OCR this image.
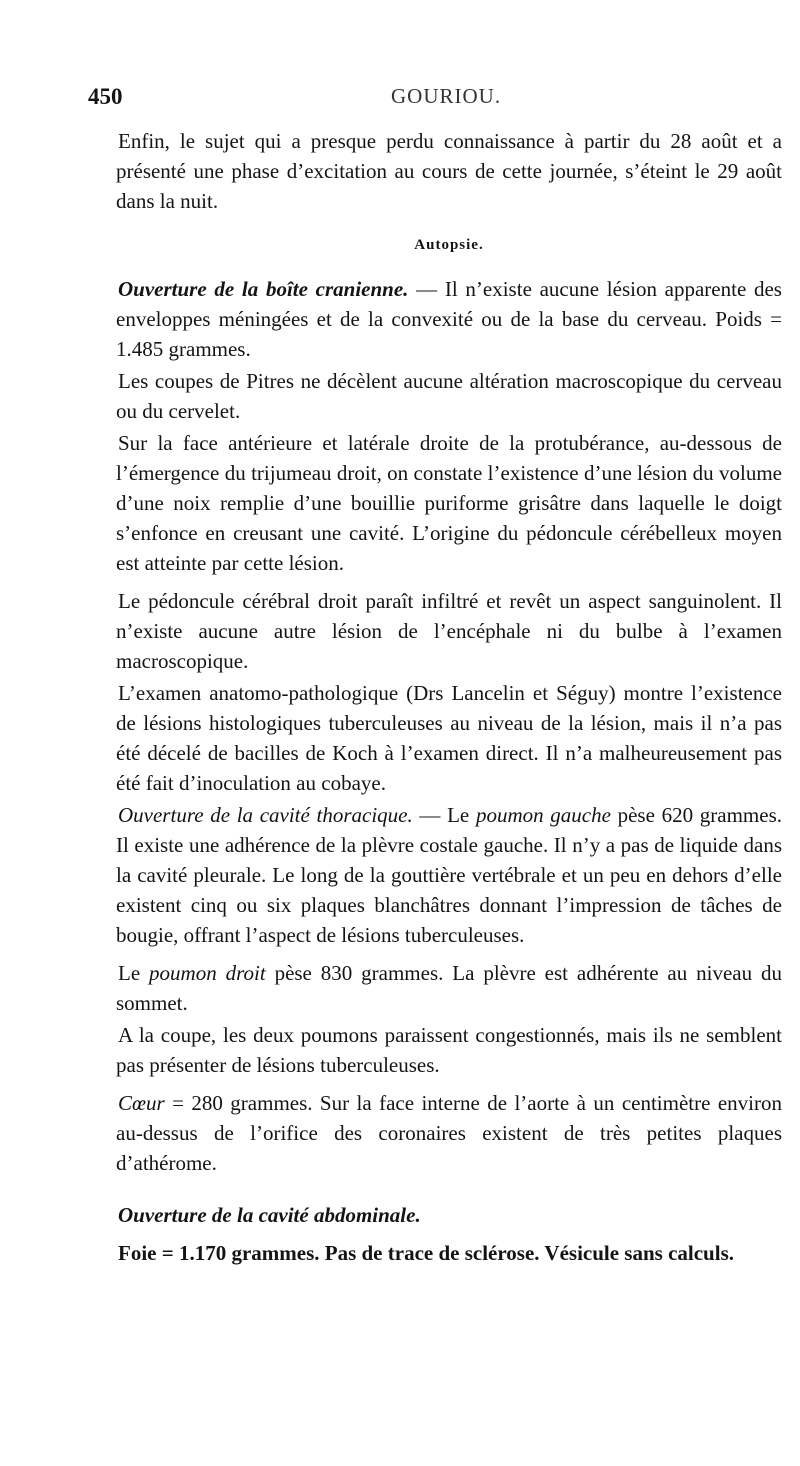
450	GOURIOU.

Enfin, le sujet qui a presque perdu connaissance à partir du 28 août et a présenté une phase d’excitation au cours de cette journée, s’éteint le 29 août dans la nuit.

Autopsie.

Ouverture de la boîte cranienne. — Il n’existe aucune lésion apparente des enveloppes méningées et de la convexité ou de la base du cerveau. Poids = 1.485 grammes.

Les coupes de Pitres ne décèlent aucune altération macroscopique du cerveau ou du cervelet.

Sur la face antérieure et latérale droite de la protubérance, au-dessous de l’émergence du trijumeau droit, on constate l’existence d’une lésion du volume d’une noix remplie d’une bouillie puriforme grisâtre dans laquelle le doigt s’enfonce en creusant une cavité. L’origine du pédoncule cérébelleux moyen est atteinte par cette lésion.

Le pédoncule cérébral droit paraît infiltré et revêt un aspect sanguinolent. Il n’existe aucune autre lésion de l’encéphale ni du bulbe à l’examen macroscopique.

L’examen anatomo-pathologique (Drs Lancelin et Séguy) montre l’existence de lésions histologiques tuberculeuses au niveau de la lésion, mais il n’a pas été décelé de bacilles de Koch à l’examen direct. Il n’a malheureusement pas été fait d’inoculation au cobaye.

Ouverture de la cavité thoracique. — Le poumon gauche pèse 620 grammes. Il existe une adhérence de la plèvre costale gauche. Il n’y a pas de liquide dans la cavité pleurale. Le long de la gouttière vertébrale et un peu en dehors d’elle existent cinq ou six plaques blanchâtres donnant l’impression de tâches de bougie, offrant l’aspect de lésions tuberculeuses.

Le poumon droit pèse 830 grammes. La plèvre est adhérente au niveau du sommet.

A la coupe, les deux poumons paraissent congestionnés, mais ils ne semblent pas présenter de lésions tuberculeuses.

Cœur = 280 grammes. Sur la face interne de l’aorte à un centimètre environ au-dessus de l’orifice des coronaires existent de très petites plaques d’athérome.

Ouverture de la cavité abdominale.

Foie = 1.170 grammes. Pas de trace de sclérose. Vésicule sans calculs.
